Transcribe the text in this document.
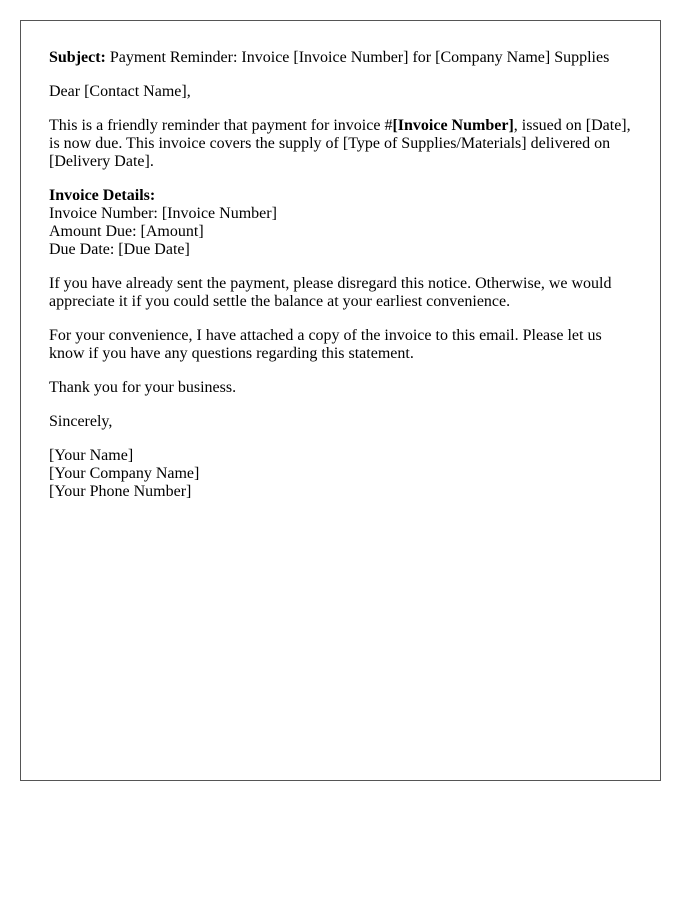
Subject: Payment Reminder: Invoice [Invoice Number] for [Company Name] Supplies

Dear [Contact Name],

This is a friendly reminder that payment for invoice #[Invoice Number], issued on [Date], is now due. This invoice covers the supply of [Type of Supplies/Materials] delivered on [Delivery Date].

Invoice Details:
Invoice Number: [Invoice Number]
Amount Due: [Amount]
Due Date: [Due Date]

If you have already sent the payment, please disregard this notice. Otherwise, we would appreciate it if you could settle the balance at your earliest convenience.

For your convenience, I have attached a copy of the invoice to this email. Please let us know if you have any questions regarding this statement.

Thank you for your business.

Sincerely,

[Your Name]
[Your Company Name]
[Your Phone Number]
